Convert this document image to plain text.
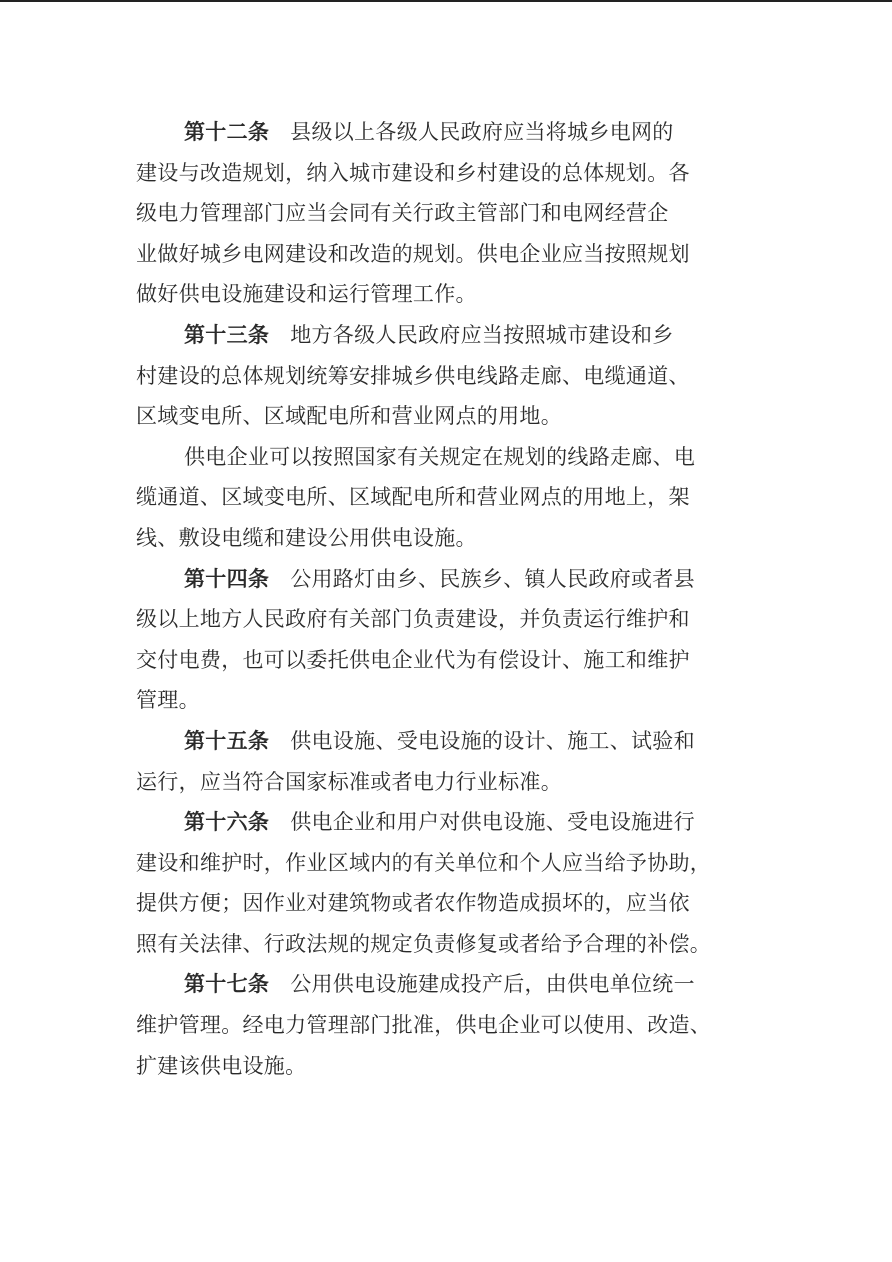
第十二条 县级以上各级人民政府应当将城乡电网的
建设与改造规划，纳入城市建设和乡村建设的总体规划。各
级电力管理部门应当会同有关行政主管部门和电网经营企
业做好城乡电网建设和改造的规划。供电企业应当按照规划
做好供电设施建设和运行管理工作。
第十三条 地方各级人民政府应当按照城市建设和乡
村建设的总体规划统筹安排城乡供电线路走廊、电缆通道、
区域变电所、区域配电所和营业网点的用地。
供电企业可以按照国家有关规定在规划的线路走廊、电
缆通道、区域变电所、区域配电所和营业网点的用地上，架
线、敷设电缆和建设公用供电设施。
第十四条 公用路灯由乡、民族乡、镇人民政府或者县
级以上地方人民政府有关部门负责建设，并负责运行维护和
交付电费，也可以委托供电企业代为有偿设计、施工和维护
管理。
第十五条 供电设施、受电设施的设计、施工、试验和
运行，应当符合国家标准或者电力行业标准。
第十六条 供电企业和用户对供电设施、受电设施进行
建设和维护时，作业区域内的有关单位和个人应当给予协助，
提供方便；因作业对建筑物或者农作物造成损坏的，应当依
照有关法律、行政法规的规定负责修复或者给予合理的补偿。
第十七条 公用供电设施建成投产后，由供电单位统一
维护管理。经电力管理部门批准，供电企业可以使用、改造、
扩建该供电设施。
